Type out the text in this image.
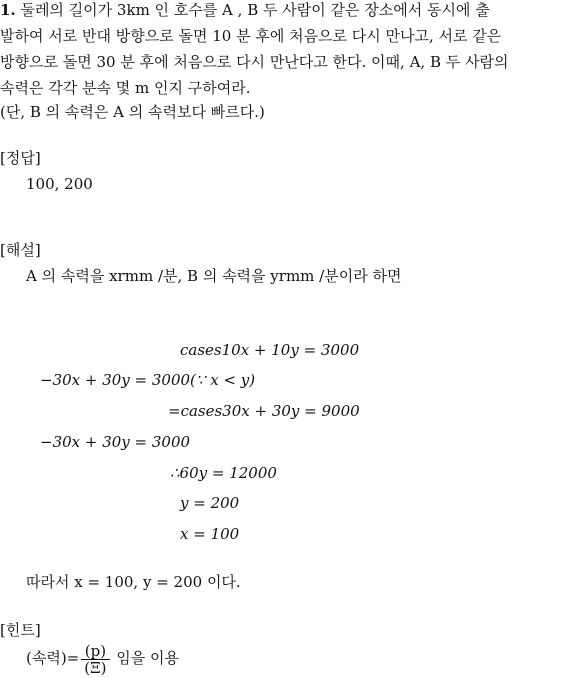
1. 둘레의 길이가 3km 인 호수를 A , B 두 사람이 같은 장소에서 동시에 출
발하여 서로 반대 방향으로 돌면 10 분 후에 처음으로 다시 만나고, 서로 같은
방향으로 돌면 30 분 후에 처음으로 다시 만난다고 한다. 이때, A, B 두 사람의
속력은 각각 분속 몇 m 인지 구하여라.
(단, B 의 속력은 A 의 속력보다 빠르다.)
[정답]
100, 200
[해설]
A 의 속력을 xrmm /분, B 의 속력을 yrmm /분이라 하면
cases10x + 10y = 3000
−30x + 30y = 3000(∵ x < y)
=cases30x + 30y = 9000
−30x + 30y = 3000
∴60y = 12000
y = 200
x = 100
따라서 x = 100, y = 200 이다.
[힌트]
(속력)= $\frac{(p)}{(\Xi)}$ 임을 이용
